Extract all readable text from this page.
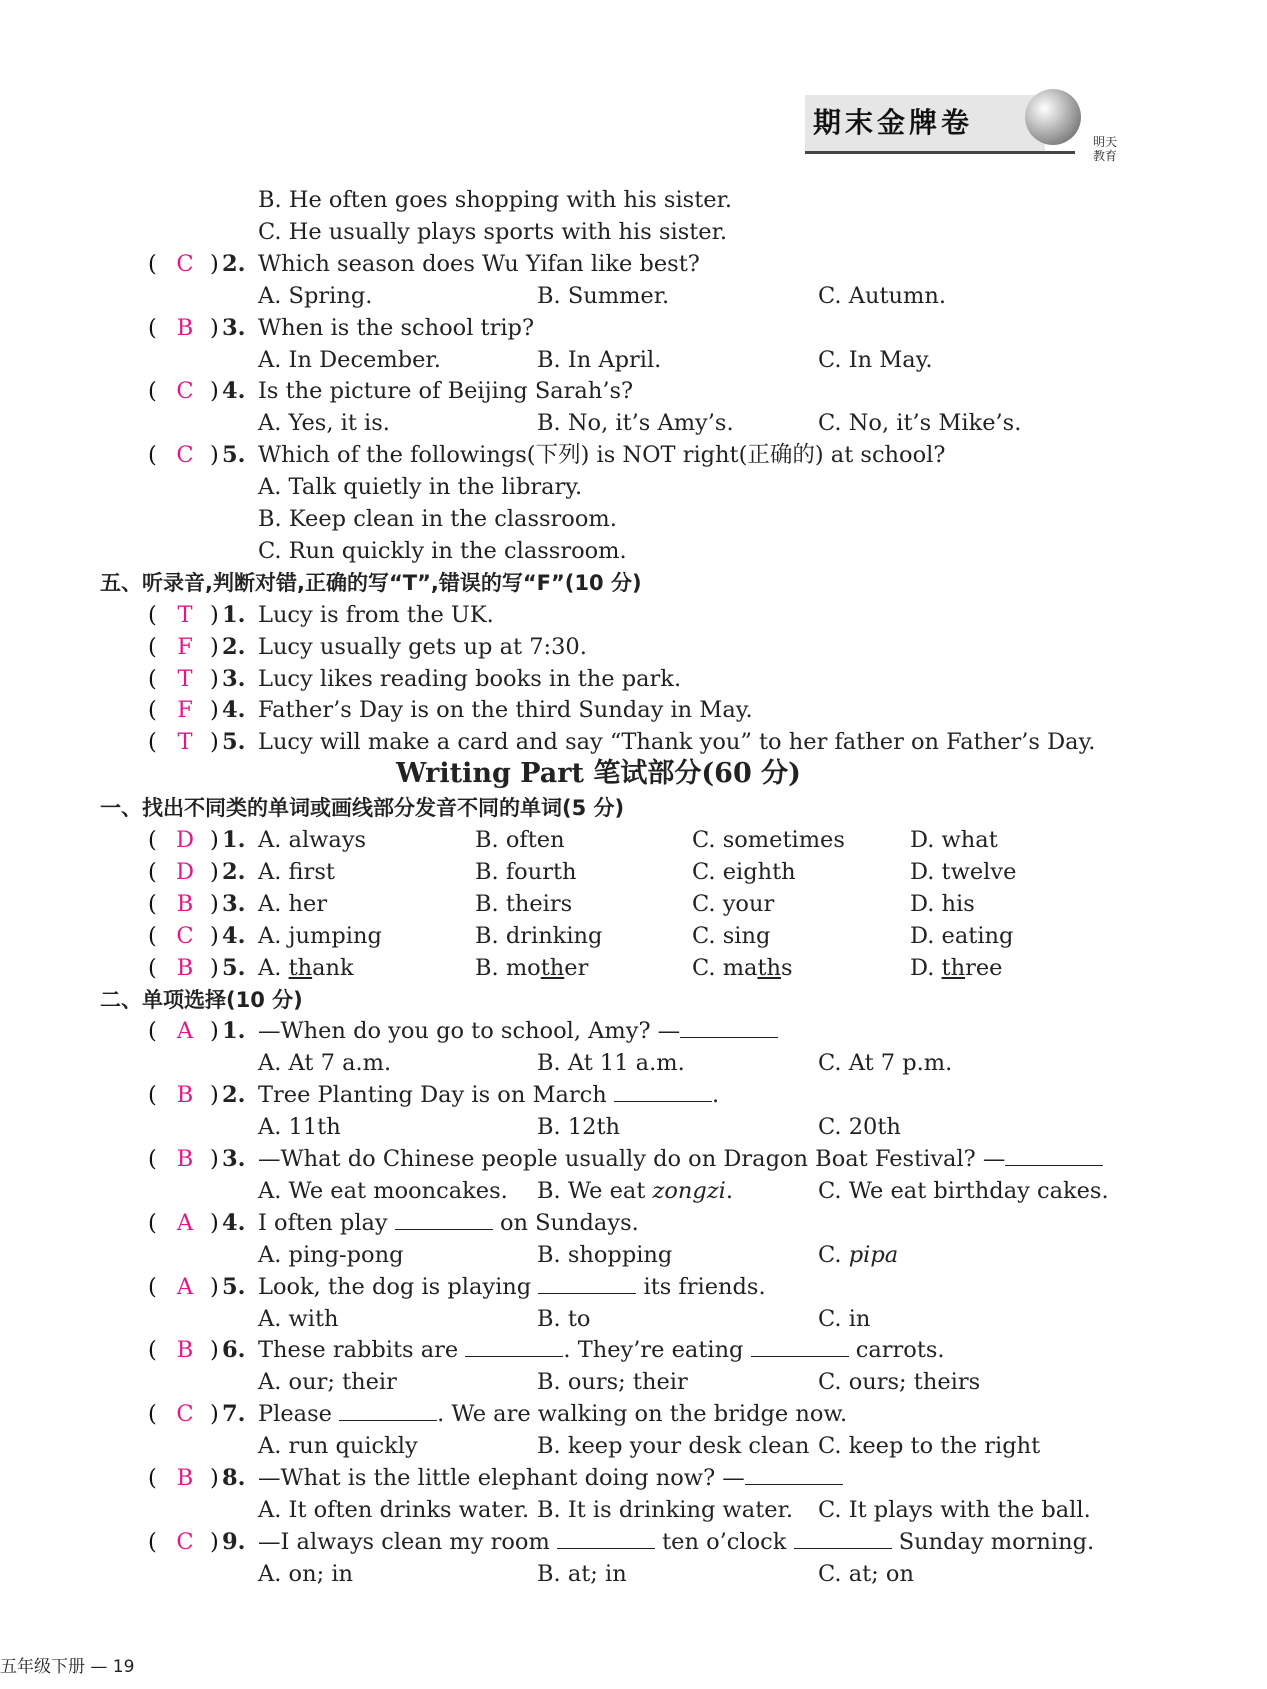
期末金牌卷
明天教育
B. He often goes shopping with his sister.
C. He usually plays sports with his sister.
( C ) 2. Which season does Wu Yifan like best?
A. Spring.	B. Summer.	C. Autumn.
( B ) 3. When is the school trip?
A. In December.	B. In April.	C. In May.
( C ) 4. Is the picture of Beijing Sarah’s?
A. Yes, it is.	B. No, it’s Amy’s.	C. No, it’s Mike’s.
( C ) 5. Which of the followings(下列) is NOT right(正确的) at school?
A. Talk quietly in the library.
B. Keep clean in the classroom.
C. Run quickly in the classroom.
五、听录音,判断对错,正确的写“T”,错误的写“F”(10 分)
( T ) 1. Lucy is from the UK.
( F ) 2. Lucy usually gets up at 7:30.
( T ) 3. Lucy likes reading books in the park.
( F ) 4. Father’s Day is on the third Sunday in May.
( T ) 5. Lucy will make a card and say “Thank you” to her father on Father’s Day.
Writing Part 笔试部分(60 分)
一、找出不同类的单词或画线部分发音不同的单词(5 分)
( D ) 1. A. always	B. often	C. sometimes	D. what
( D ) 2. A. first	B. fourth	C. eighth	D. twelve
( B ) 3. A. her	B. theirs	C. your	D. his
( C ) 4. A. jumping	B. drinking	C. sing	D. eating
( B ) 5. A. thank	B. mother	C. maths	D. three
二、单项选择(10 分)
( A ) 1. —When do you go to school, Amy? —
A. At 7 a.m.	B. At 11 a.m.	C. At 7 p.m.
( B ) 2. Tree Planting Day is on March	.
A. 11th	B. 12th	C. 20th
( B ) 3. —What do Chinese people usually do on Dragon Boat Festival? —
A. We eat mooncakes. B. We eat zongzi.	C. We eat birthday cakes.
( A ) 4. I often play	on Sundays.
A. ping-pong	B. shopping	C. pipa
( A ) 5. Look, the dog is playing	its friends.
A. with	B. to	C. in
( B ) 6. These rabbits are	. They’re eating	carrots.
A. our; their	B. ours; their	C. ours; theirs
( C ) 7. Please	. We are walking on the bridge now.
A. run quickly	B. keep your desk clean C. keep to the right
( B ) 8. —What is the little elephant doing now? —
A. It often drinks water. B. It is drinking water. C. It plays with the ball.
( C ) 9. —I always clean my room	ten o’clock	Sunday morning.
A. on; in	B. at; in	C. at; on
五年级下册 — 19
